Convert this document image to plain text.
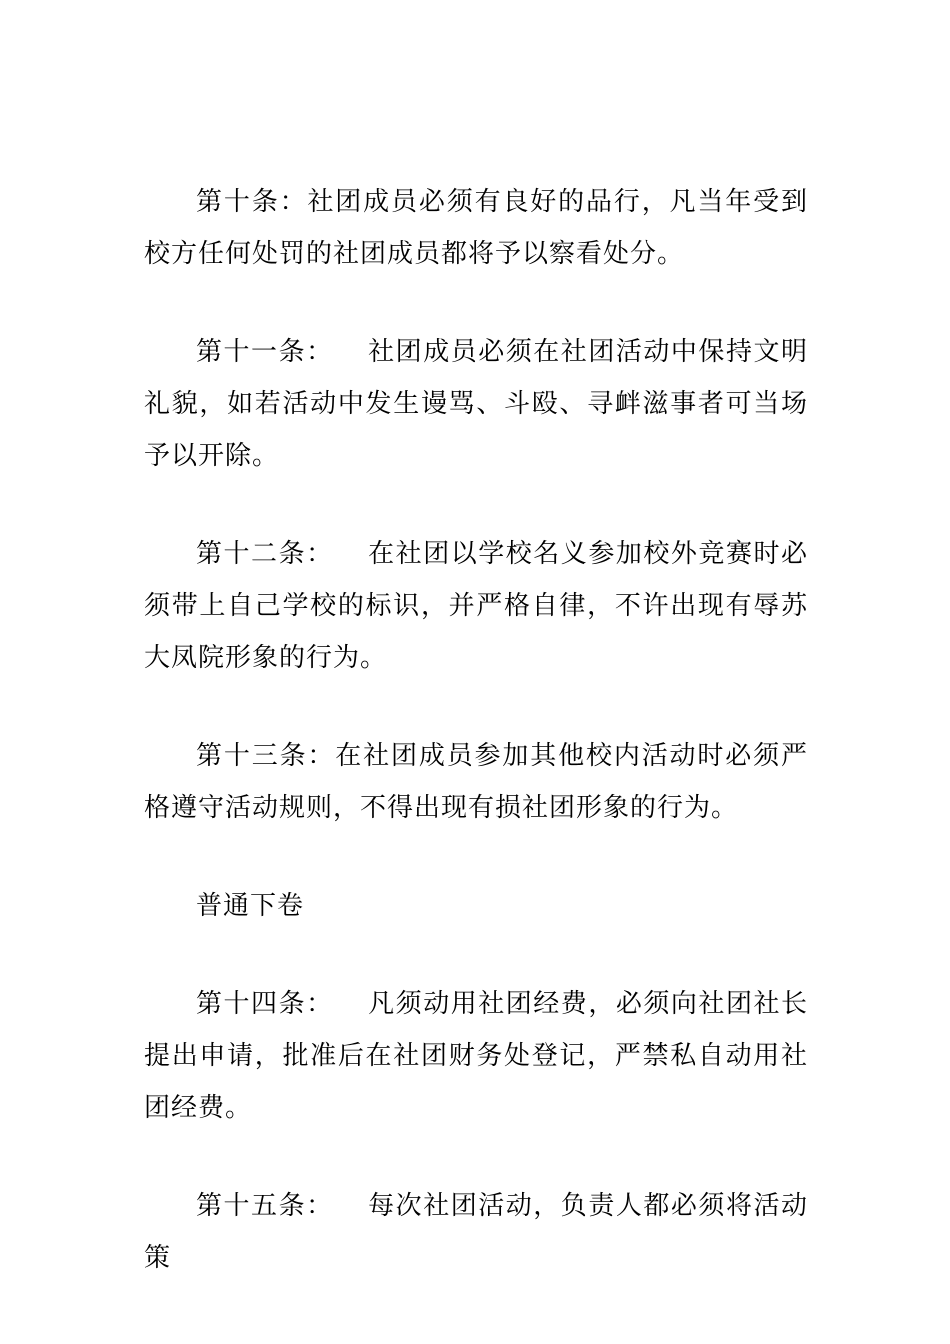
第十条：社团成员必须有良好的品行，凡当年受到校方任何处罚的社团成员都将予以察看处分。

第十一条： 社团成员必须在社团活动中保持文明礼貌，如若活动中发生谩骂、斗殴、寻衅滋事者可当场予以开除。

第十二条： 在社团以学校名义参加校外竞赛时必须带上自己学校的标识，并严格自律，不许出现有辱苏大凤院形象的行为。

第十三条：在社团成员参加其他校内活动时必须严格遵守活动规则，不得出现有损社团形象的行为。

普通下卷

第十四条： 凡须动用社团经费，必须向社团社长提出申请，批准后在社团财务处登记，严禁私自动用社团经费。

第十五条： 每次社团活动，负责人都必须将活动策
